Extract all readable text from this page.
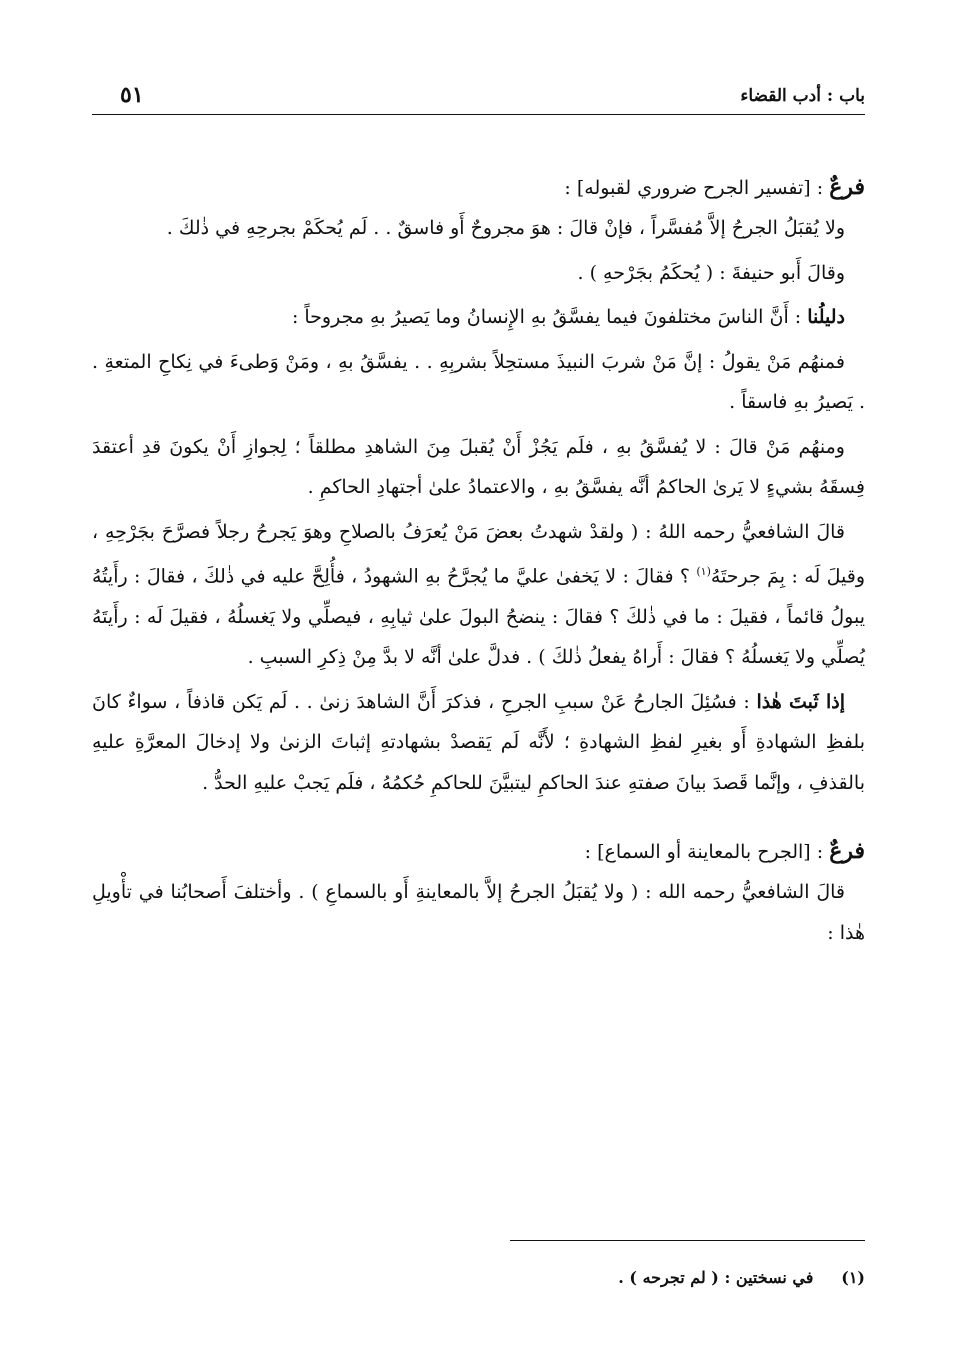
باب : أدب القضاء
٥١

فرعٌ : [تفسير الجرح ضروري لقبوله] :

ولا يُقبَلُ الجرحُ إلاَّ مُفسَّراً ، فإنْ قالَ : هوَ مجروحٌ أَو فاسقٌ . . لَم يُحكَمْ بجرحِهِ في ذٰلكَ .

وقالَ أَبو حنيفةَ : ( يُحكَمُ بجَرْحهِ ) .

دليلُنا : أَنَّ الناسَ مختلفونَ فيما يفسَّقُ بهِ الإِنسانُ وما يَصيرُ بهِ مجروحاً :

فمنهُم مَنْ يقولُ : إنَّ مَنْ شربَ النبيذَ مستحِلاً بشربِهِ . . يفسَّقُ بهِ ، ومَنْ وَطىءَ في نِكاحِ المتعةِ . . يَصيرُ بهِ فاسقاً .

ومنهُم مَنْ قالَ : لا يُفسَّقُ بهِ ، فلَم يَجُزْ أَنْ يُقبلَ مِنَ الشاهدِ مطلقاً ؛ لِجوازِ أَنْ يكونَ قدِ أعتقدَ فِسقَهُ بشيءٍ لا يَرىٰ الحاكمُ أنَّه يفسَّقُ بهِ ، والاعتمادُ علىٰ أجتهادِ الحاكمِ .

قالَ الشافعيُّ رحمه اللهُ : ( ولقدْ شهدتُ بعضَ مَنْ يُعرَفُ بالصلاحِ وهوَ يَجرحُ رجلاً فصرَّحَ بجَرْحِهِ ، وقيلَ لَه : بِمَ جرحتَهُ$^{(١)}$ ؟ فقالَ : لا يَخفىٰ عليَّ ما يُجرَّحُ بهِ الشهودُ ، فأُلِحَّ عليه في ذٰلكَ ، فقالَ : رأَيتُهُ يبولُ قائماً ، فقيلَ : ما في ذٰلكَ ؟ فقالَ : ينضحُ البولَ علىٰ ثيابِهِ ، فيصلِّي ولا يَغسلُهُ ، فقيلَ لَه : رأَيتَهُ يُصلِّي ولا يَغسلُهُ ؟ فقالَ : أَراهُ يفعلُ ذٰلكَ ) . فدلَّ علىٰ أنَّه لا بدَّ مِنْ ذِكرِ السببِ .

إذا ثَبتَ هٰذا : فسُئِلَ الجارحُ عَنْ سببِ الجرحِ ، فذكرَ أَنَّ الشاهدَ زنىٰ . . لَم يَكن قاذفاً ، سواءٌ كانَ بلفظِ الشهادةِ أَو بغيرِ لفظِ الشهادةِ ؛ لأَنَّه لَم يَقصدْ بشهادتهِ إثباتَ الزنىٰ ولا إدخالَ المعرَّةِ عليهِ بالقذفِ ، وإنَّما قَصدَ بيانَ صفتهِ عندَ الحاكمِ ليتبيَّنَ للحاكمِ حُكمُهُ ، فلَم يَجبْ عليهِ الحدُّ .

فرعٌ : [الجرح بالمعاينة أو السماع] :

قالَ الشافعيُّ رحمه الله : ( ولا يُقبَلُ الجرحُ إلاَّ بالمعاينةِ أَو بالسماعِ ) . وأختلفَ أَصحابُنا في تأْويلِ هٰذا :

(١)     في نسختين : ( لم تجرحه ) .
